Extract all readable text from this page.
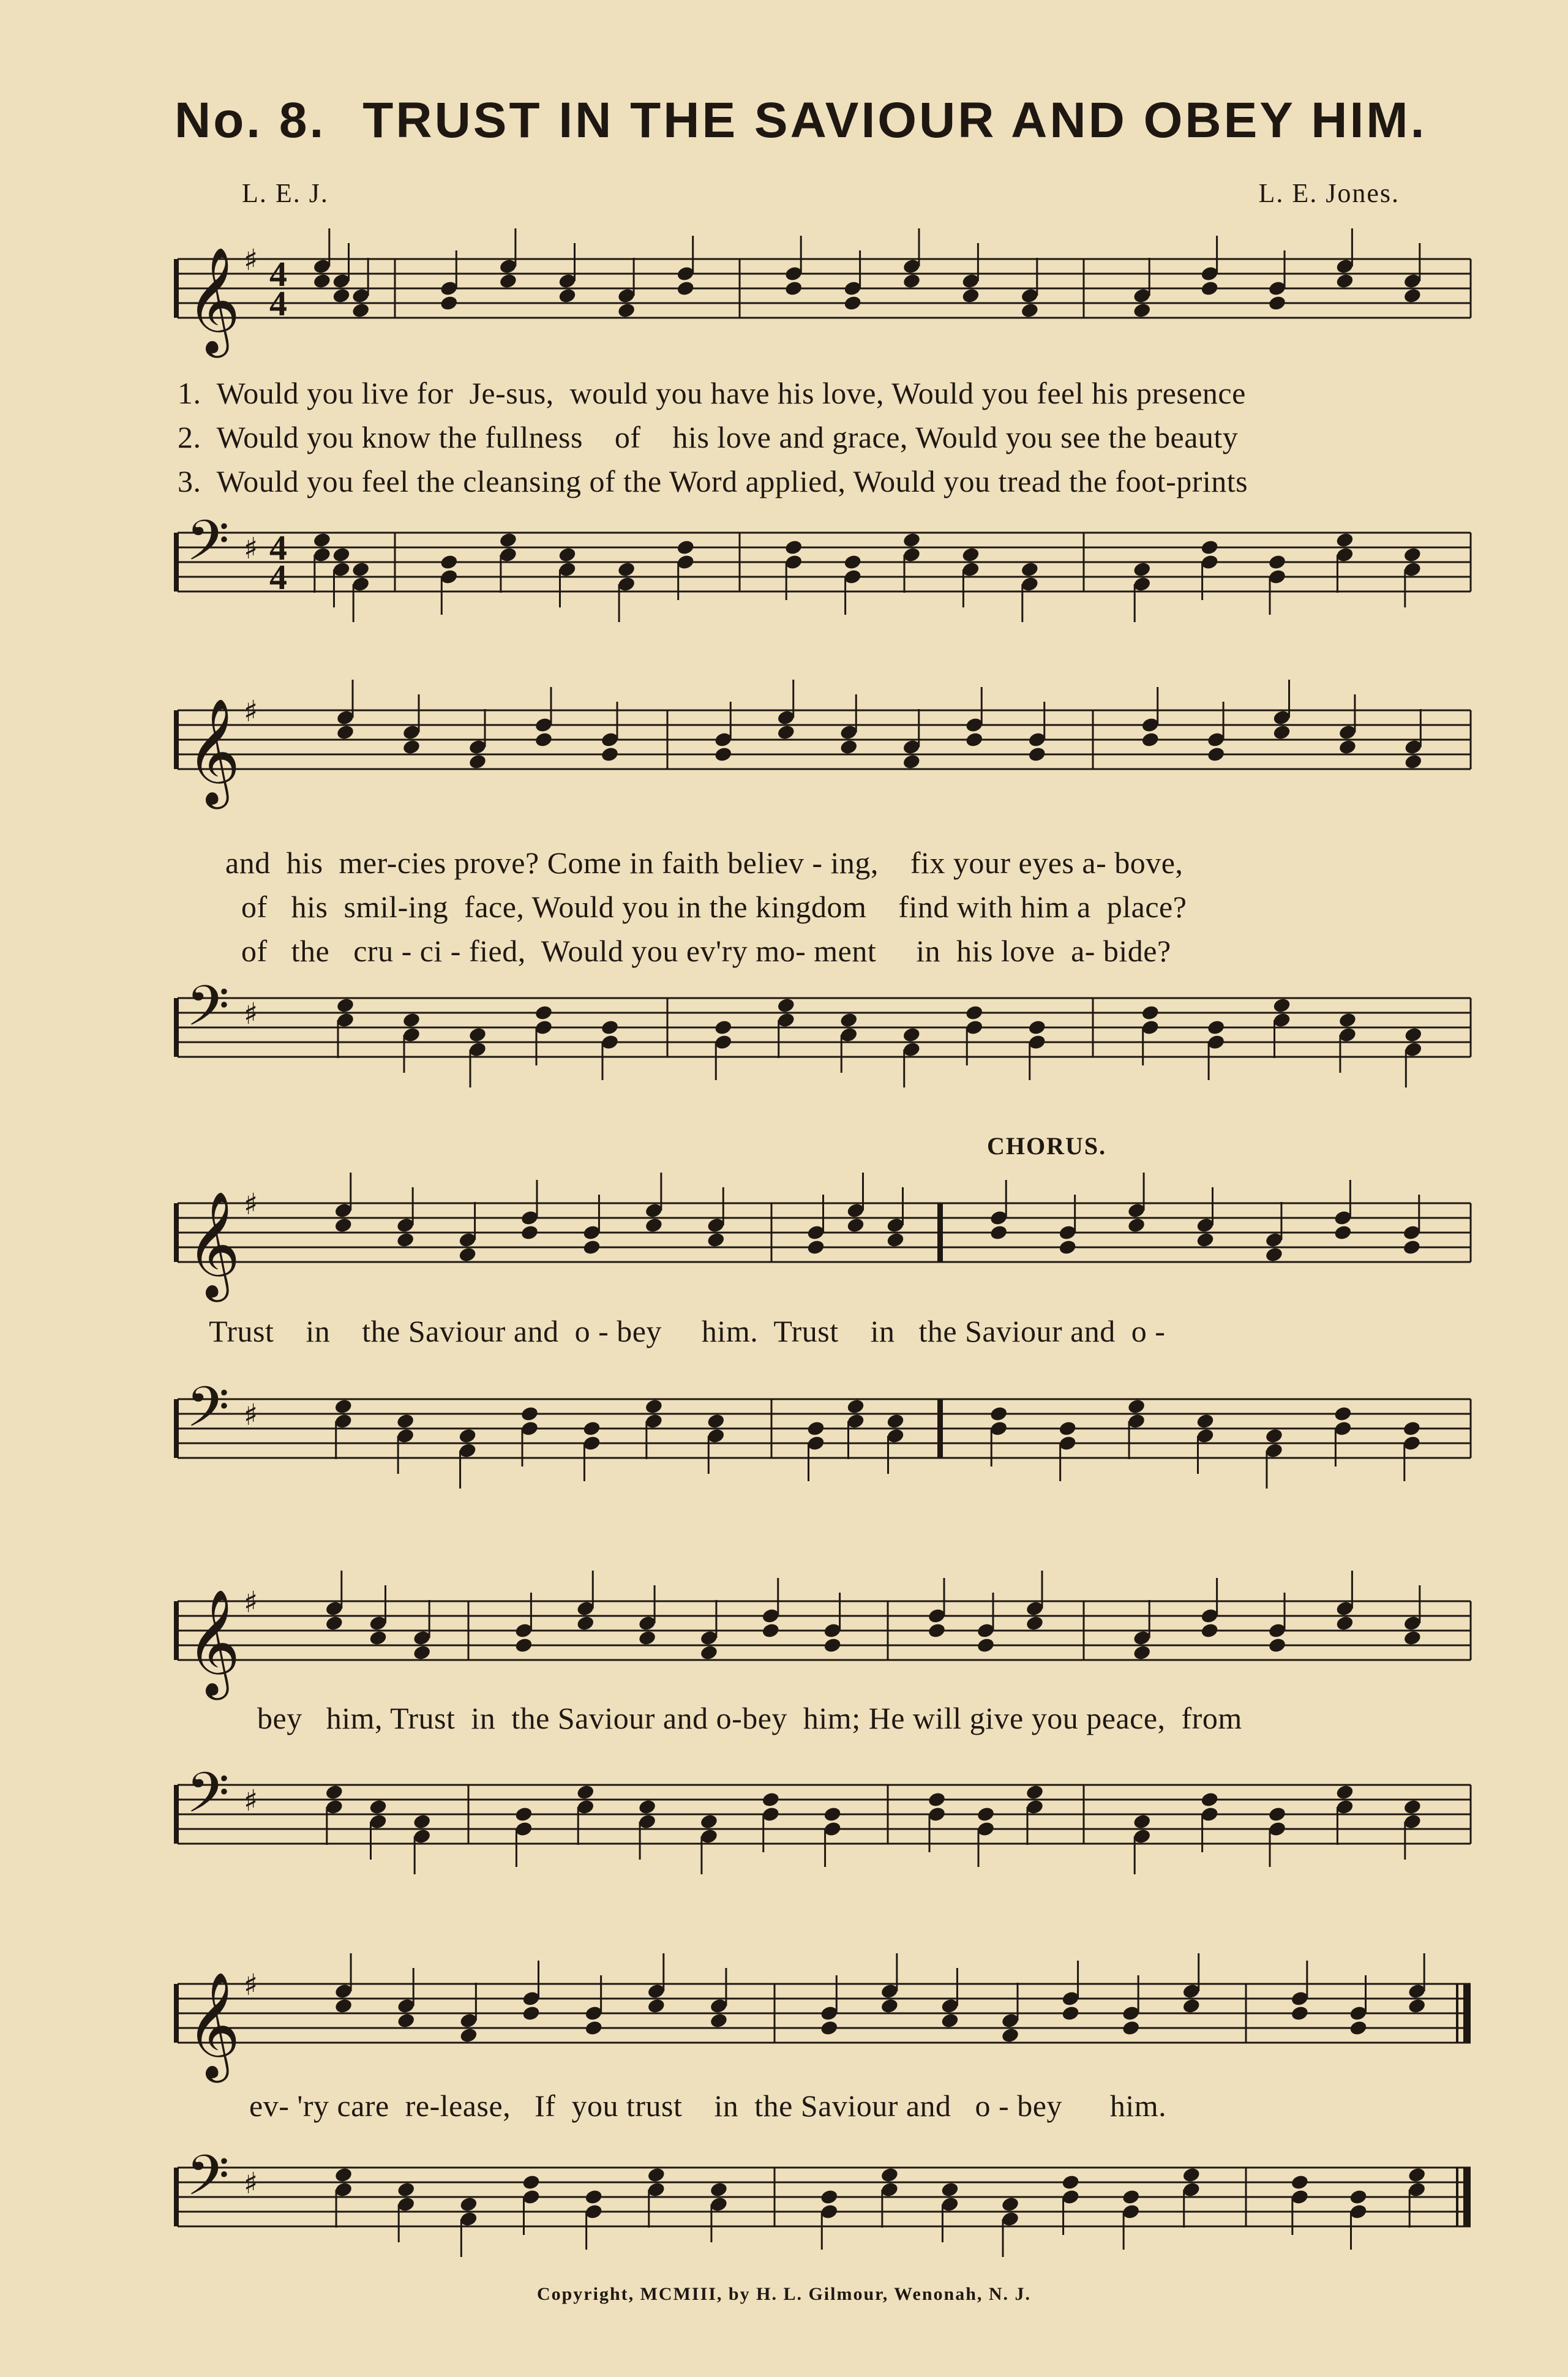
No. 8. TRUST IN THE SAVIOUR AND OBEY HIM.
L. E. J.	L. E. Jones.
𝄞 ♯ 4
4
1.  Would you live for  Je-sus,  would you have his love, Would you feel his presence
2.  Would you know the fullness    of    his love and grace, Would you see the beauty
3.  Would you feel the cleansing of the Word applied, Would you tread the foot-prints
𝄢 ♯ 4
4
𝄞 ♯
and  his  mer-cies prove? Come in faith believ - ing,    fix your eyes a- bove,
of   his  smil-ing  face, Would you in the kingdom    find with him a  place?
of   the   cru - ci - fied,  Would you ev'ry mo- ment     in  his love  a- bide?
𝄢 ♯
CHORUS.
𝄞 ♯
Trust    in    the Saviour and  o - bey     him.  Trust    in   the Saviour and  o -
𝄢 ♯
𝄞 ♯
bey   him, Trust  in  the Saviour and o-bey  him; He will give you peace,  from
𝄢 ♯
𝄞 ♯
ev- 'ry care  re-lease,   If  you trust    in  the Saviour and   o - bey      him.
𝄢 ♯
Copyright, MCMIII, by H. L. Gilmour, Wenonah, N. J.
